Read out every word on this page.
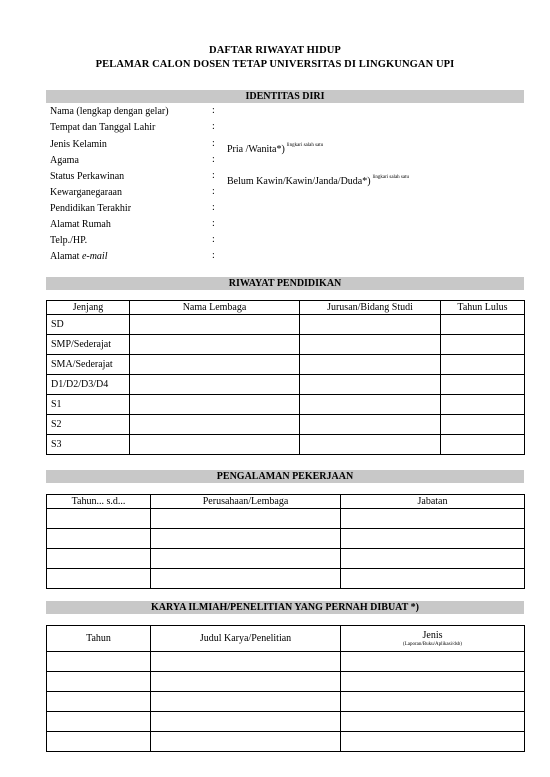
DAFTAR RIWAYAT HIDUP
PELAMAR CALON DOSEN TETAP UNIVERSITAS DI LINGKUNGAN UPI
IDENTITAS DIRI
Nama (lengkap dengan gelar)	:
Tempat dan Tanggal Lahir	:
Jenis Kelamin	:
Pria /Wanita*) $^{lingkari salah satu}$
Agama	:
Status Perkawinan	:
Belum Kawin/Kawin/Janda/Duda*) $^{lingkari salah satu}$
Kewarganegaraan	:
Pendidikan Terakhir	:
Alamat Rumah	:
Telp./HP.	:
Alamat e-mail	:
RIWAYAT PENDIDIKAN
Jenjang	Nama Lembaga	Jurusan/Bidang Studi	Tahun Lulus
SD			
SMP/Sederajat			
SMA/Sederajat			
D1/D2/D3/D4			
S1			
S2			
S3			
PENGALAMAN PEKERJAAN
Tahun... s.d...	Perusahaan/Lembaga	Jabatan

KARYA ILMIAH/PENELITIAN YANG PERNAH DIBUAT *)
Tahun	Judul Karya/Penelitian	Jenis
(Laporan/Buku/Aplikasi/dsb)
